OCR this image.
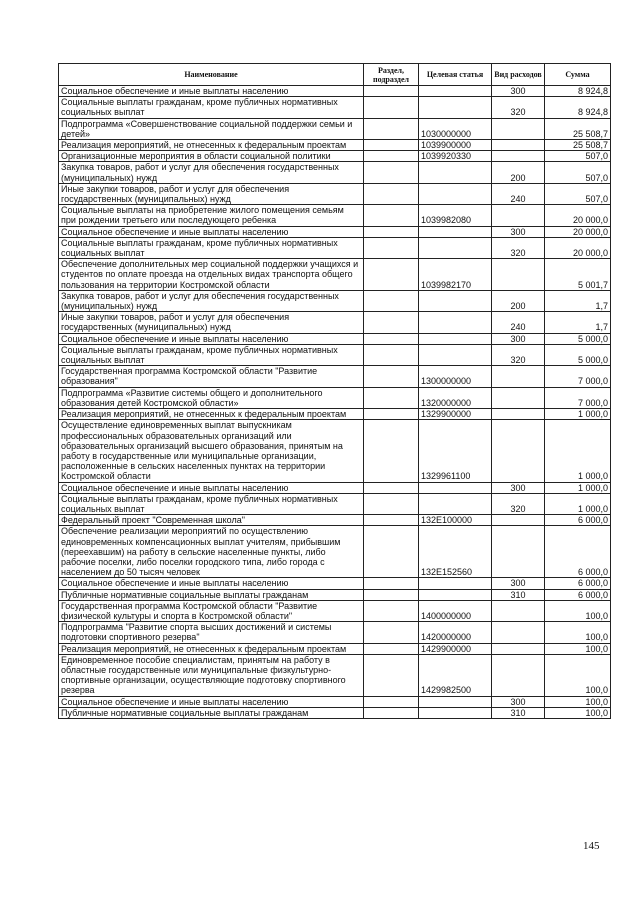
Наименование	Раздел, подраздел	Целевая статья	Вид расходов	Сумма
Социальное обеспечение и иные выплаты населению			300	8 924,8
Социальные выплаты гражданам, кроме публичных нормативных социальных выплат			320	8 924,8
Подпрограмма «Совершенствование социальной поддержки семьи и детей»		1030000000		25 508,7
Реализация мероприятий, не отнесенных к федеральным проектам		1039900000		25 508,7
Организационные мероприятия в области социальной политики		1039920330		507,0
Закупка товаров, работ и услуг для обеспечения государственных (муниципальных) нужд			200	507,0
Иные закупки товаров, работ и услуг для обеспечения государственных (муниципальных) нужд			240	507,0
Социальные выплаты на приобретение жилого помещения семьям при рождении третьего или последующего ребенка		1039982080		20 000,0
Социальное обеспечение и иные выплаты населению			300	20 000,0
Социальные выплаты гражданам, кроме публичных нормативных социальных выплат			320	20 000,0
Обеспечение дополнительных мер социальной поддержки учащихся и студентов по оплате проезда на отдельных видах транспорта общего пользования на территории Костромской области		1039982170		5 001,7
Закупка товаров, работ и услуг для обеспечения государственных (муниципальных) нужд			200	1,7
Иные закупки товаров, работ и услуг для обеспечения государственных (муниципальных) нужд			240	1,7
Социальное обеспечение и иные выплаты населению			300	5 000,0
Социальные выплаты гражданам, кроме публичных нормативных социальных выплат			320	5 000,0
Государственная программа Костромской области "Развитие образования"		1300000000		7 000,0
Подпрограмма «Развитие системы общего и дополнительного образования детей Костромской области»		1320000000		7 000,0
Реализация мероприятий, не отнесенных к федеральным проектам		1329900000		1 000,0
Осуществление единовременных выплат выпускникам профессиональных образовательных организаций или образовательных организаций высшего образования, принятым на работу в государственные или муниципальные организации, расположенные в сельских населенных пунктах на территории Костромской области		1329961100		1 000,0
Социальное обеспечение и иные выплаты населению			300	1 000,0
Социальные выплаты гражданам, кроме публичных нормативных социальных выплат			320	1 000,0
Федеральный проект "Современная школа"		132E100000		6 000,0
Обеспечение реализации мероприятий по осуществлению единовременных компенсационных выплат учителям, прибывшим (переехавшим) на работу в сельские населенные пункты, либо рабочие поселки, либо поселки городского типа, либо города с населением до 50 тысяч человек		132E152560		6 000,0
Социальное обеспечение и иные выплаты населению			300	6 000,0
Публичные нормативные социальные выплаты гражданам			310	6 000,0
Государственная программа Костромской области "Развитие физической культуры и спорта в Костромской области"		1400000000		100,0
Подпрограмма "Развитие спорта высших достижений и системы подготовки спортивного резерва"		1420000000		100,0
Реализация мероприятий, не отнесенных к федеральным проектам		1429900000		100,0
Единовременное пособие специалистам, принятым на работу в областные государственные или муниципальные физкультурно-спортивные организации, осуществляющие подготовку спортивного резерва		1429982500		100,0
Социальное обеспечение и иные выплаты населению			300	100,0
Публичные нормативные социальные выплаты гражданам			310	100,0
145
